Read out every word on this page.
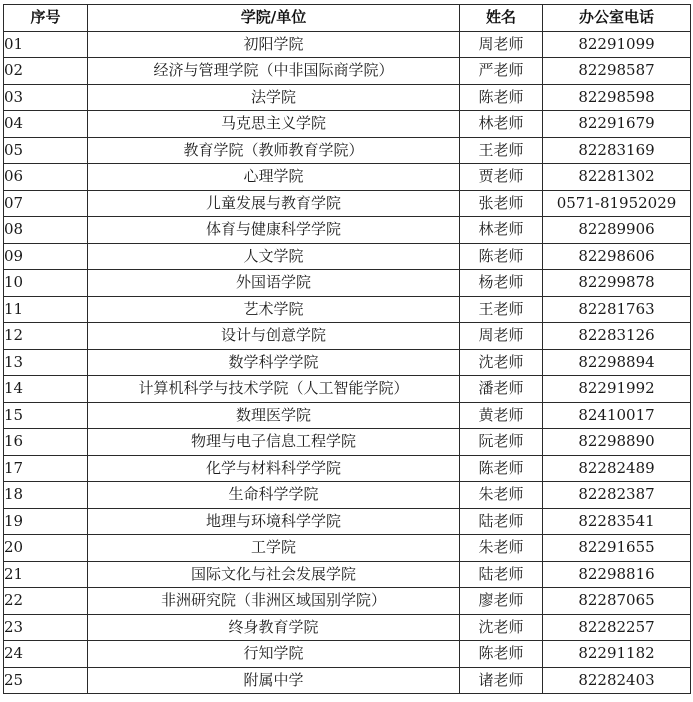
序号	学院/单位	姓名	办公室电话
01	初阳学院	周老师	82291099
02	经济与管理学院（中非国际商学院）	严老师	82298587
03	法学院	陈老师	82298598
04	马克思主义学院	林老师	82291679
05	教育学院（教师教育学院）	王老师	82283169
06	心理学院	贾老师	82281302
07	儿童发展与教育学院	张老师	0571-81952029
08	体育与健康科学学院	林老师	82289906
09	人文学院	陈老师	82298606
10	外国语学院	杨老师	82299878
11	艺术学院	王老师	82281763
12	设计与创意学院	周老师	82283126
13	数学科学学院	沈老师	82298894
14	计算机科学与技术学院（人工智能学院）	潘老师	82291992
15	数理医学院	黄老师	82410017
16	物理与电子信息工程学院	阮老师	82298890
17	化学与材料科学学院	陈老师	82282489
18	生命科学学院	朱老师	82282387
19	地理与环境科学学院	陆老师	82283541
20	工学院	朱老师	82291655
21	国际文化与社会发展学院	陆老师	82298816
22	非洲研究院（非洲区域国别学院）	廖老师	82287065
23	终身教育学院	沈老师	82282257
24	行知学院	陈老师	82291182
25	附属中学	诸老师	82282403
